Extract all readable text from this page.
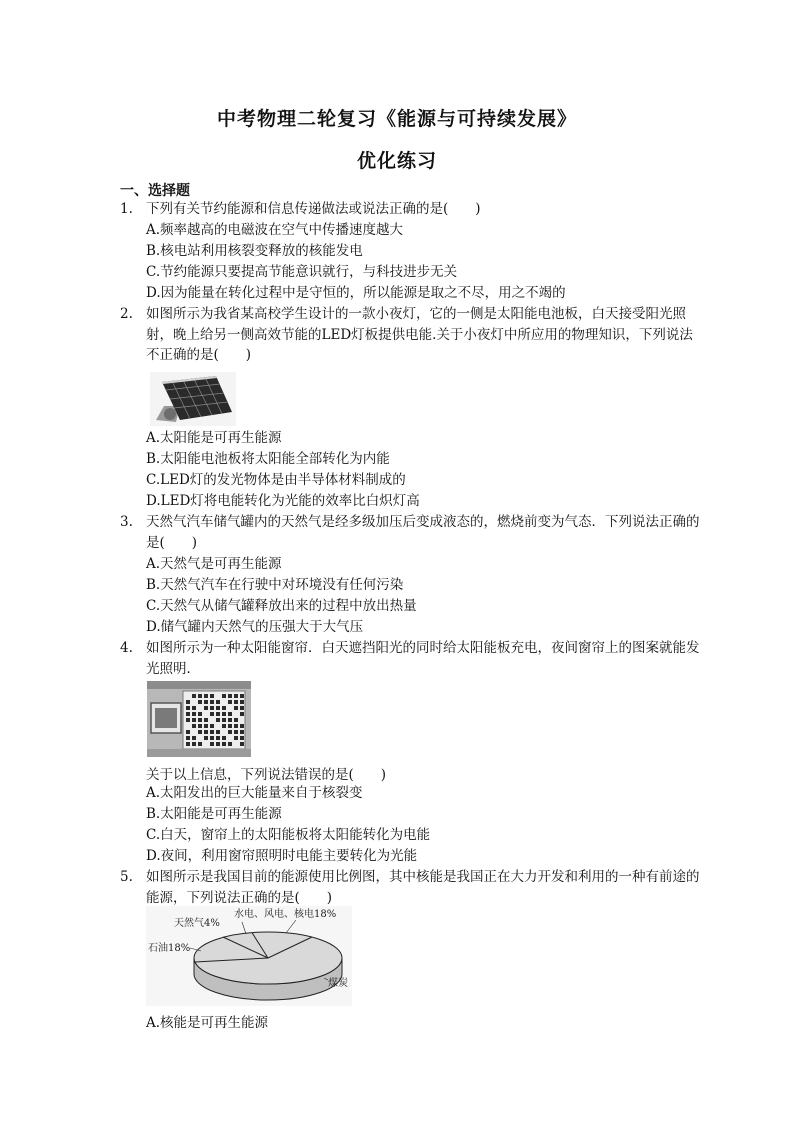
中考物理二轮复习《能源与可持续发展》
优化练习
一、选择题
1. 下列有关节约能源和信息传递做法或说法正确的是(　　)
A.频率越高的电磁波在空气中传播速度越大
B.核电站利用核裂变释放的核能发电
C.节约能源只要提高节能意识就行，与科技进步无关
D.因为能量在转化过程中是守恒的，所以能源是取之不尽，用之不竭的
2. 如图所示为我省某高校学生设计的一款小夜灯，它的一侧是太阳能电池板，白天接受阳光照射，晚上给另一侧高效节能的LED灯板提供电能.关于小夜灯中所应用的物理知识，下列说法不正确的是(　　)
A.太阳能是可再生能源
B.太阳能电池板将太阳能全部转化为内能
C.LED灯的发光物体是由半导体材料制成的
D.LED灯将电能转化为光能的效率比白炽灯高
3. 天然气汽车储气罐内的天然气是经多级加压后变成液态的，燃烧前变为气态．下列说法正确的是(　　)
A.天然气是可再生能源
B.天然气汽车在行驶中对环境没有任何污染
C.天然气从储气罐释放出来的过程中放出热量
D.储气罐内天然气的压强大于大气压
4. 如图所示为一种太阳能窗帘．白天遮挡阳光的同时给太阳能板充电，夜间窗帘上的图案就能发光照明．
关于以上信息，下列说法错误的是(　　)
A.太阳发出的巨大能量来自于核裂变
B.太阳能是可再生能源
C.白天，窗帘上的太阳能板将太阳能转化为电能
D.夜间，利用窗帘照明时电能主要转化为光能
5. 如图所示是我国目前的能源使用比例图，其中核能是我国正在大力开发和利用的一种有前途的能源，下列说法正确的是(　　)
天然气4%
水电、风电、核电18%
石油18%
煤炭
A.核能是可再生能源
